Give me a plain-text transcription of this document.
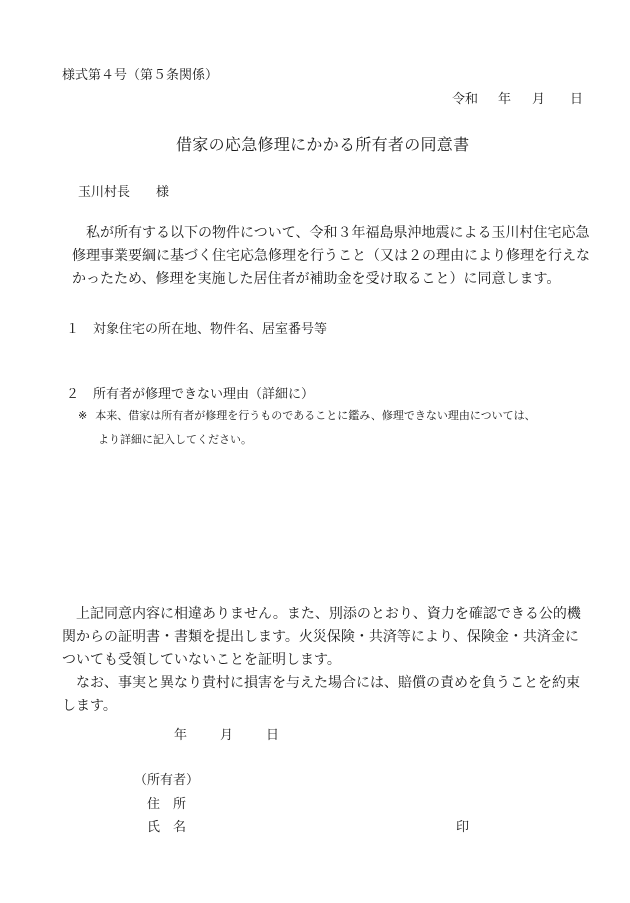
様式第４号（第５条関係）
令和 年 月 日
借家の応急修理にかかる所有者の同意書
玉川村長　　様
　私が所有する以下の物件について、令和３年福島県沖地震による玉川村住宅応急
修理事業要綱に基づく住宅応急修理を行うこと（又は２の理由により修理を行えな
かったため、修理を実施した居住者が補助金を受け取ること）に同意します。
１ 対象住宅の所在地、物件名、居室番号等
２ 所有者が修理できない理由（詳細に）
※ 本来、借家は所有者が修理を行うものであることに鑑み、修理できない理由については、
より詳細に記入してください。
　上記同意内容に相違ありません。また、別添のとおり、資力を確認できる公的機
関からの証明書・書類を提出します。火災保険・共済等により、保険金・共済金に
ついても受領していないことを証明します。
　なお、事実と異なり貴村に損害を与えた場合には、賠償の責めを負うことを約束
します。
年	月	日
（所有者）
住　所
氏　名	印
